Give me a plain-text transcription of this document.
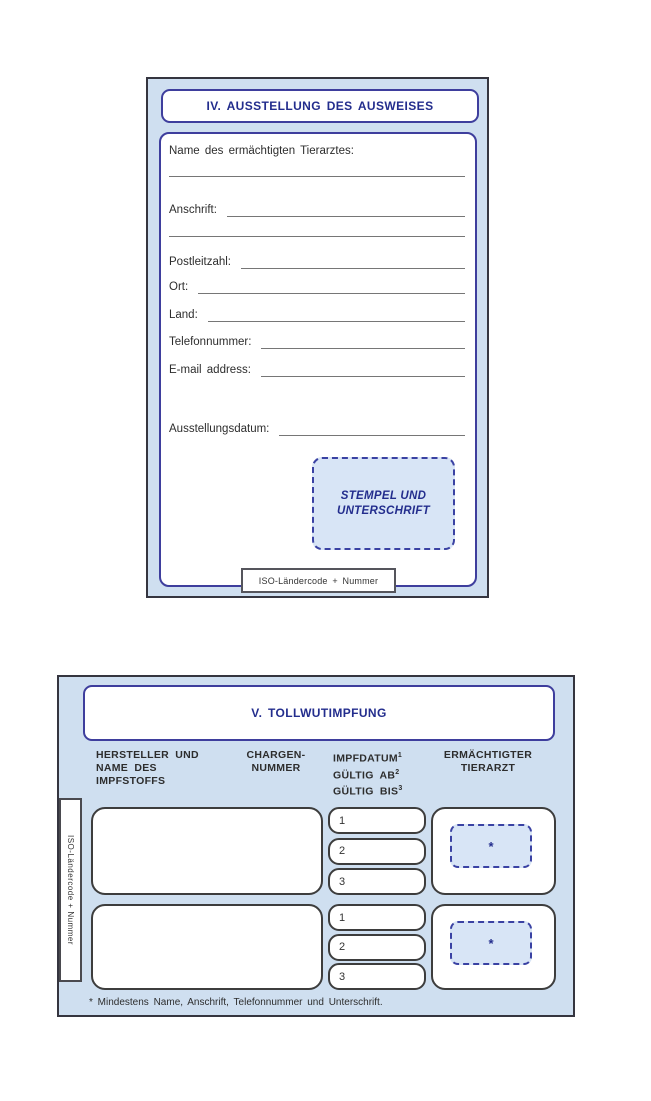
IV. AUSSTELLUNG DES AUSWEISES
Name des ermächtigten Tierarztes:
Anschrift:
Postleitzahl:
Ort:
Land:
Telefonnummer:
E-mail address:
Ausstellungsdatum:
STEMPEL UND
UNTERSCHRIFT
ISO-Ländercode + Nummer
V. TOLLWUTIMPFUNG
HERSTELLER UND
NAME DES
IMPFSTOFFS
CHARGEN-
NUMMER
IMPFDATUM$^1$
GÜLTIG $AB^2$
GÜLTIG BIS$^3$
ERMÄCHTIGTER
TIERARZT
ISO-Ländercode + Nummer
1
2
3
*
1
2
3
*
* Mindestens Name, Anschrift, Telefonnummer und Unterschrift.
